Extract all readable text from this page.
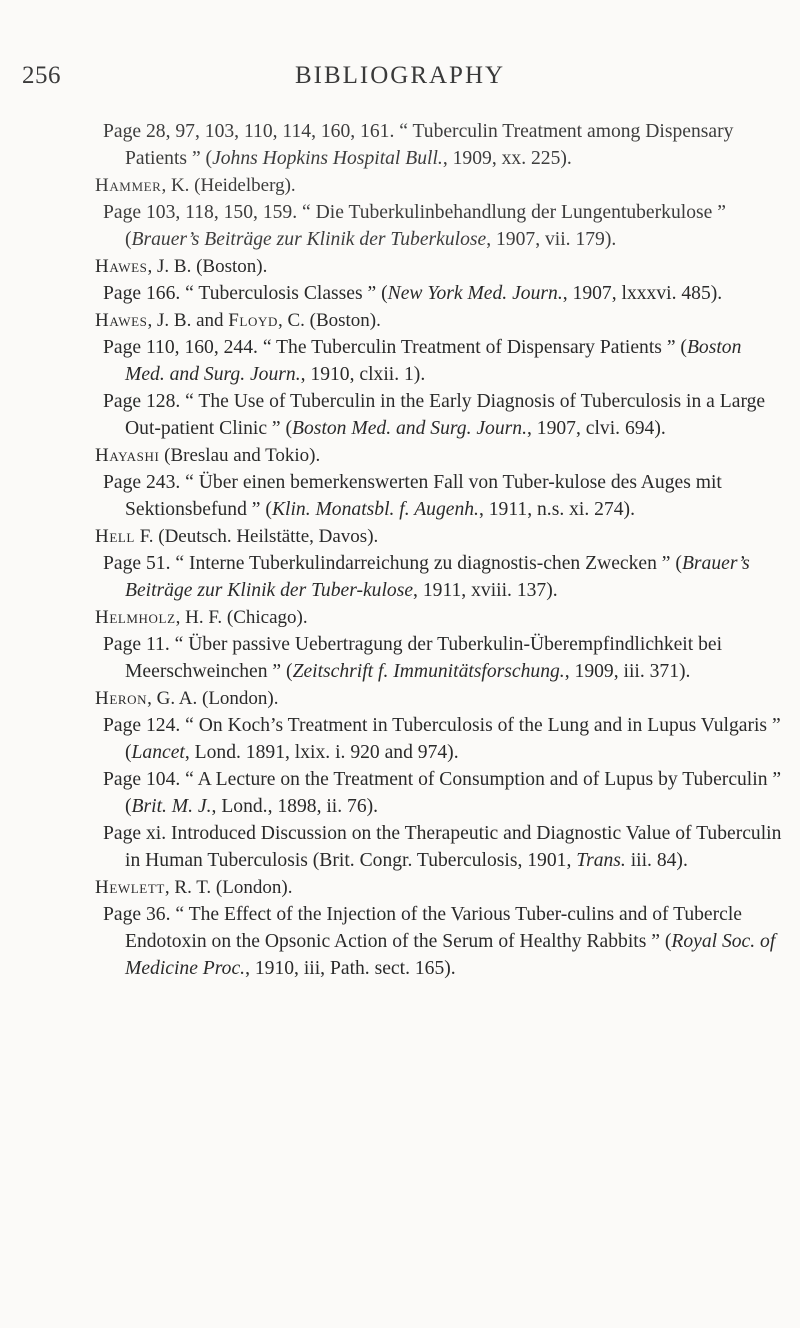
256	BIBLIOGRAPHY

Page 28, 97, 103, 110, 114, 160, 161. “ Tuberculin Treatment among Dispensary Patients ” (Johns Hopkins Hospital Bull., 1909, xx. 225).

Hammer, K. (Heidelberg).

Page 103, 118, 150, 159. “ Die Tuberkulinbehandlung der Lungentuberkulose ” (Brauer’s Beiträge zur Klinik der Tuberkulose, 1907, vii. 179).

Hawes, J. B. (Boston).

Page 166. “ Tuberculosis Classes ” (New York Med. Journ., 1907, lxxxvi. 485).

Hawes, J. B. and Floyd, C. (Boston).

Page 110, 160, 244. “ The Tuberculin Treatment of Dispensary Patients ” (Boston Med. and Surg. Journ., 1910, clxii. 1).

Page 128. “ The Use of Tuberculin in the Early Diagnosis of Tuberculosis in a Large Out-patient Clinic ” (Boston Med. and Surg. Journ., 1907, clvi. 694).

Hayashi (Breslau and Tokio).

Page 243. “ Über einen bemerkenswerten Fall von Tuber-kulose des Auges mit Sektionsbefund ” (Klin. Monatsbl. f. Augenh., 1911, n.s. xi. 274).

Hell F. (Deutsch. Heilstätte, Davos).

Page 51. “ Interne Tuberkulindarreichung zu diagnostis-chen Zwecken ” (Brauer’s Beiträge zur Klinik der Tuber-kulose, 1911, xviii. 137).

Helmholz, H. F. (Chicago).

Page 11. “ Über passive Uebertragung der Tuberkulin-Überempfindlichkeit bei Meerschweinchen ” (Zeitschrift f. Immunitätsforschung., 1909, iii. 371).

Heron, G. A. (London).

Page 124. “ On Koch’s Treatment in Tuberculosis of the Lung and in Lupus Vulgaris ” (Lancet, Lond. 1891, lxix. i. 920 and 974).

Page 104. “ A Lecture on the Treatment of Consumption and of Lupus by Tuberculin ” (Brit. M. J., Lond., 1898, ii. 76).

Page xi. Introduced Discussion on the Therapeutic and Diagnostic Value of Tuberculin in Human Tuberculosis (Brit. Congr. Tuberculosis, 1901, Trans. iii. 84).

Hewlett, R. T. (London).

Page 36. “ The Effect of the Injection of the Various Tuber-culins and of Tubercle Endotoxin on the Opsonic Action of the Serum of Healthy Rabbits ” (Royal Soc. of Medicine Proc., 1910, iii, Path. sect. 165).
